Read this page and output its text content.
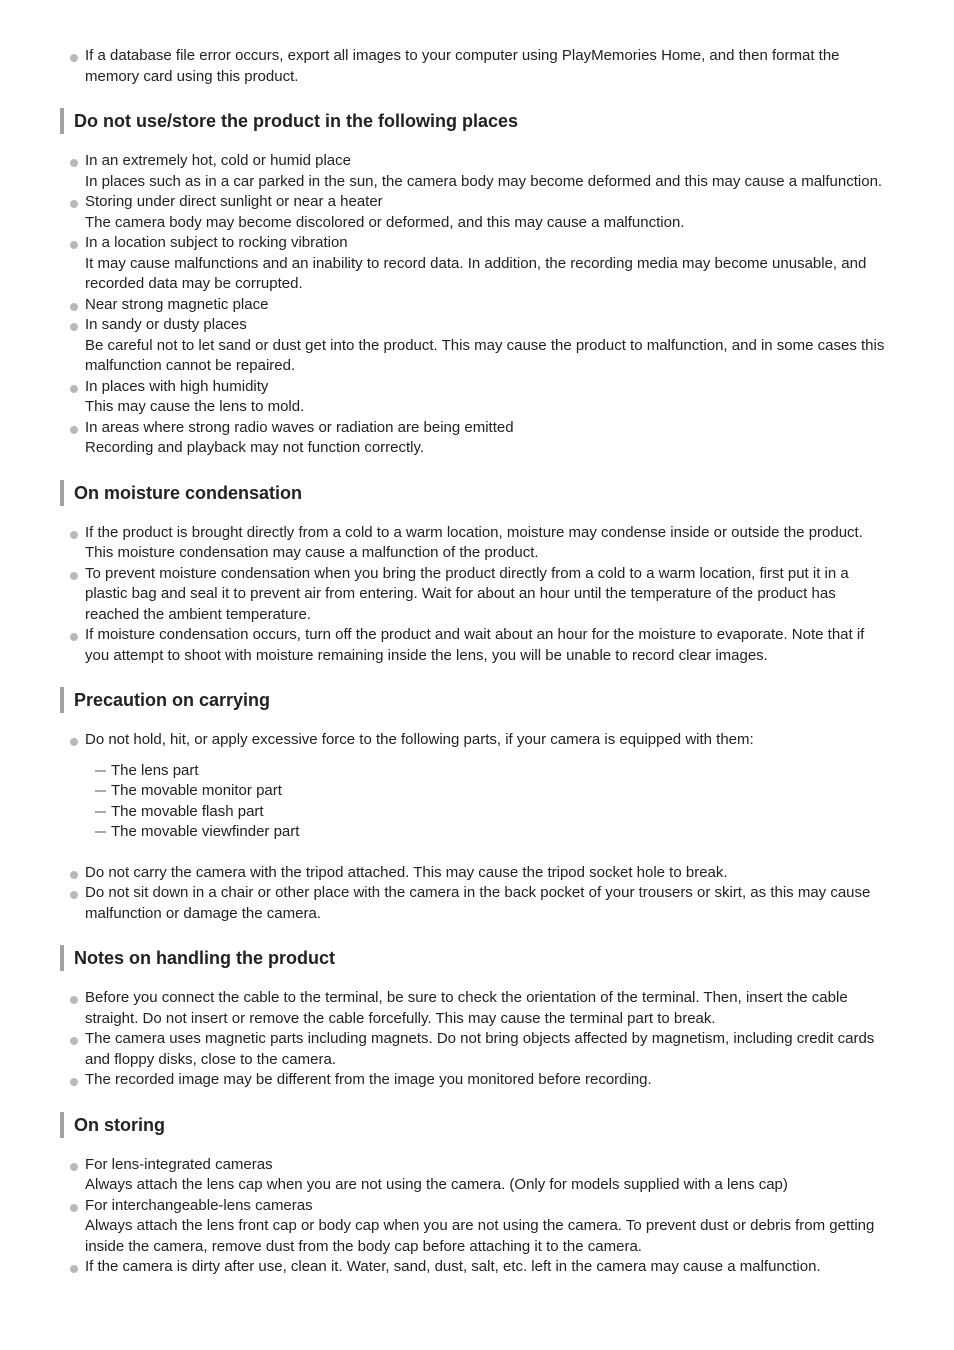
If a database file error occurs, export all images to your computer using PlayMemories Home, and then format the memory card using this product.
Do not use/store the product in the following places
In an extremely hot, cold or humid place
In places such as in a car parked in the sun, the camera body may become deformed and this may cause a malfunction.
Storing under direct sunlight or near a heater
The camera body may become discolored or deformed, and this may cause a malfunction.
In a location subject to rocking vibration
It may cause malfunctions and an inability to record data. In addition, the recording media may become unusable, and recorded data may be corrupted.
Near strong magnetic place
In sandy or dusty places
Be careful not to let sand or dust get into the product. This may cause the product to malfunction, and in some cases this malfunction cannot be repaired.
In places with high humidity
This may cause the lens to mold.
In areas where strong radio waves or radiation are being emitted
Recording and playback may not function correctly.
On moisture condensation
If the product is brought directly from a cold to a warm location, moisture may condense inside or outside the product. This moisture condensation may cause a malfunction of the product.
To prevent moisture condensation when you bring the product directly from a cold to a warm location, first put it in a plastic bag and seal it to prevent air from entering. Wait for about an hour until the temperature of the product has reached the ambient temperature.
If moisture condensation occurs, turn off the product and wait about an hour for the moisture to evaporate. Note that if you attempt to shoot with moisture remaining inside the lens, you will be unable to record clear images.
Precaution on carrying
Do not hold, hit, or apply excessive force to the following parts, if your camera is equipped with them:
The lens part
The movable monitor part
The movable flash part
The movable viewfinder part
Do not carry the camera with the tripod attached. This may cause the tripod socket hole to break.
Do not sit down in a chair or other place with the camera in the back pocket of your trousers or skirt, as this may cause malfunction or damage the camera.
Notes on handling the product
Before you connect the cable to the terminal, be sure to check the orientation of the terminal. Then, insert the cable straight. Do not insert or remove the cable forcefully. This may cause the terminal part to break.
The camera uses magnetic parts including magnets. Do not bring objects affected by magnetism, including credit cards and floppy disks, close to the camera.
The recorded image may be different from the image you monitored before recording.
On storing
For lens-integrated cameras
Always attach the lens cap when you are not using the camera. (Only for models supplied with a lens cap)
For interchangeable-lens cameras
Always attach the lens front cap or body cap when you are not using the camera. To prevent dust or debris from getting inside the camera, remove dust from the body cap before attaching it to the camera.
If the camera is dirty after use, clean it. Water, sand, dust, salt, etc. left in the camera may cause a malfunction.
